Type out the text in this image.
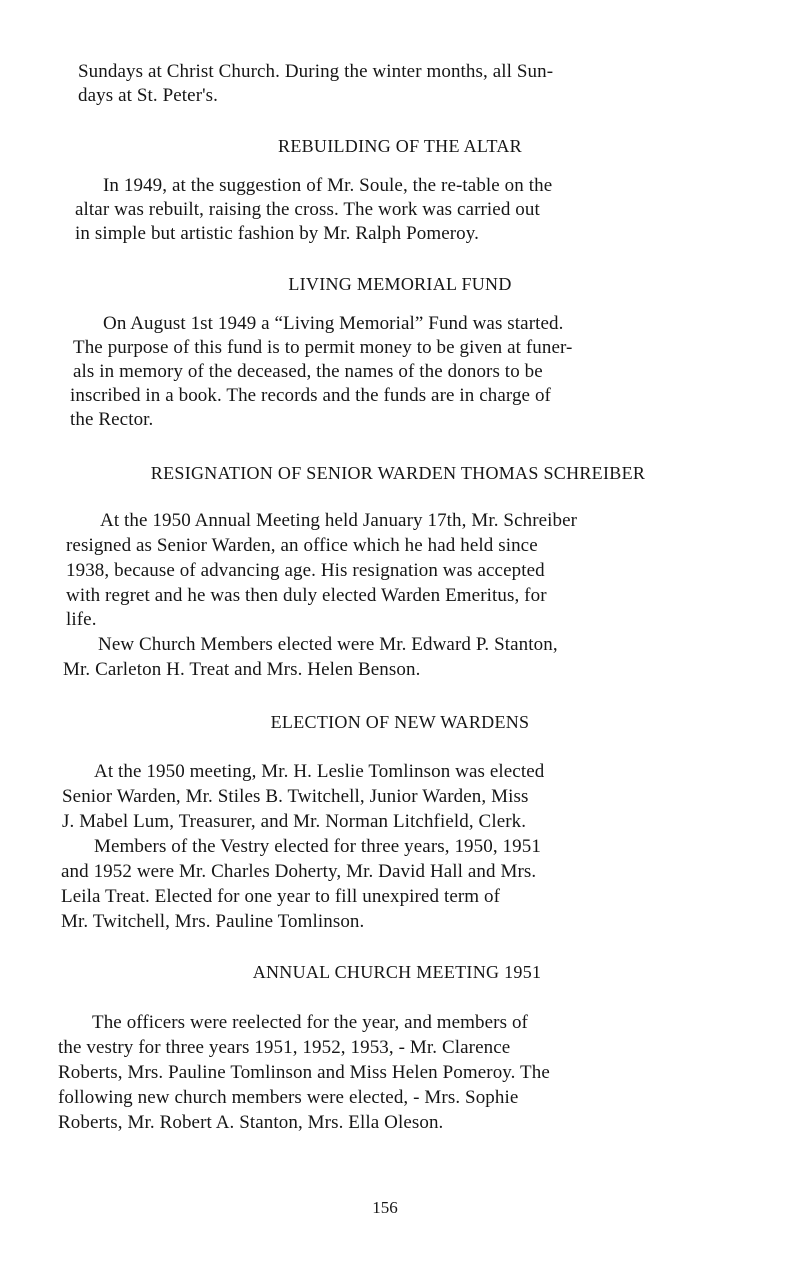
Sundays at Christ Church. During the winter months, all Sun-
days at St. Peter's.
REBUILDING OF THE ALTAR
In 1949, at the suggestion of Mr. Soule, the re-table on the
altar was rebuilt, raising the cross. The work was carried out
in simple but artistic fashion by Mr. Ralph Pomeroy.
LIVING MEMORIAL FUND
On August 1st 1949 a “Living Memorial” Fund was started.
The purpose of this fund is to permit money to be given at funer-
als in memory of the deceased, the names of the donors to be
inscribed in a book. The records and the funds are in charge of
the Rector.
RESIGNATION OF SENIOR WARDEN THOMAS SCHREIBER
At the 1950 Annual Meeting held January 17th, Mr. Schreiber
resigned as Senior Warden, an office which he had held since
1938, because of advancing age. His resignation was accepted
with regret and he was then duly elected Warden Emeritus, for
life.
New Church Members elected were Mr. Edward P. Stanton,
Mr. Carleton H. Treat and Mrs. Helen Benson.
ELECTION OF NEW WARDENS
At the 1950 meeting, Mr. H. Leslie Tomlinson was elected
Senior Warden, Mr. Stiles B. Twitchell, Junior Warden, Miss
J. Mabel Lum, Treasurer, and Mr. Norman Litchfield, Clerk.
Members of the Vestry elected for three years, 1950, 1951
and 1952 were Mr. Charles Doherty, Mr. David Hall and Mrs.
Leila Treat. Elected for one year to fill unexpired term of
Mr. Twitchell, Mrs. Pauline Tomlinson.
ANNUAL CHURCH MEETING 1951
The officers were reelected for the year, and members of
the vestry for three years 1951, 1952, 1953, - Mr. Clarence
Roberts, Mrs. Pauline Tomlinson and Miss Helen Pomeroy. The
following new church members were elected, - Mrs. Sophie
Roberts, Mr. Robert A. Stanton, Mrs. Ella Oleson.
156
